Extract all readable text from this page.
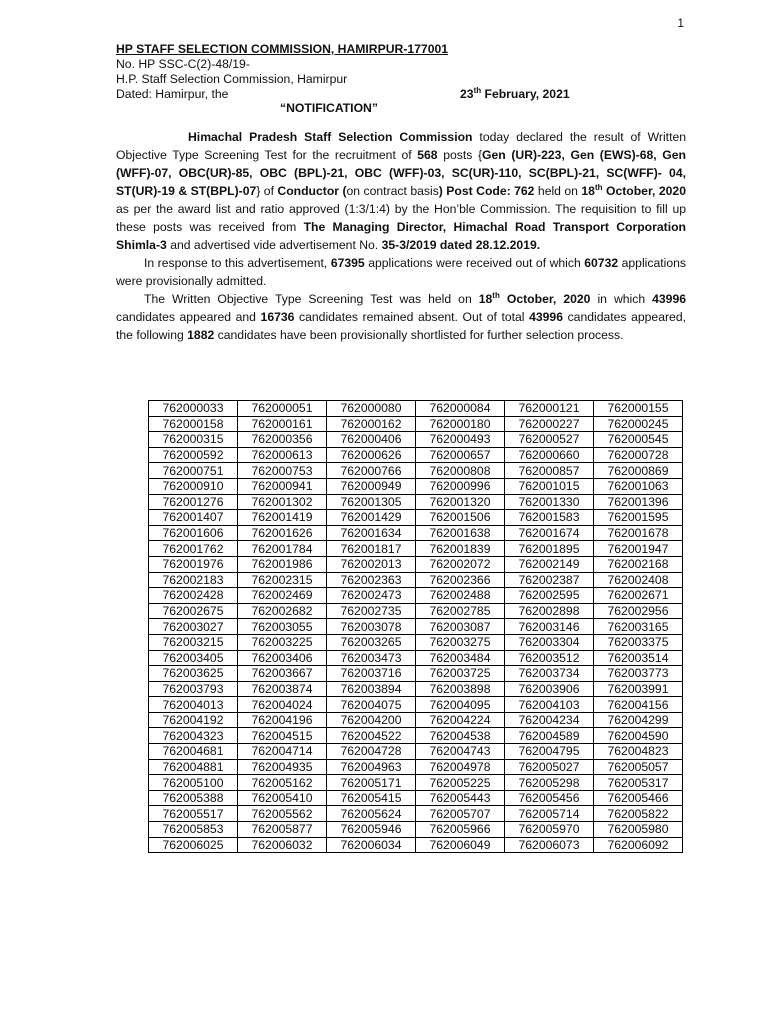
1
HP STAFF SELECTION COMMISSION, HAMIRPUR-177001
No. HP SSC-C(2)-48/19-
H.P. Staff Selection Commission, Hamirpur
Dated: Hamirpur, the	23th February, 2021
“NOTIFICATION”

Himachal Pradesh Staff Selection Commission today declared the result of Written Objective Type Screening Test for the recruitment of 568 posts {Gen (UR)-223, Gen (EWS)-68, Gen (WFF)-07, OBC(UR)-85, OBC (BPL)-21, OBC (WFF)-03, SC(UR)-110, SC(BPL)-21, SC(WFF)- 04, ST(UR)-19 & ST(BPL)-07} of Conductor (on contract basis) Post Code: 762 held on 18th October, 2020 as per the award list and ratio approved (1:3/1:4) by the Hon’ble Commission. The requisition to fill up these posts was received from The Managing Director, Himachal Road Transport Corporation Shimla-3 and advertised vide advertisement No. 35-3/2019 dated 28.12.2019.

In response to this advertisement, 67395 applications were received out of which 60732 applications were provisionally admitted.

The Written Objective Type Screening Test was held on 18th October, 2020 in which 43996 candidates appeared and 16736 candidates remained absent. Out of total 43996 candidates appeared, the following 1882 candidates have been provisionally shortlisted for further selection process.

762000033	762000051	762000080	762000084	762000121	762000155
762000158	762000161	762000162	762000180	762000227	762000245
762000315	762000356	762000406	762000493	762000527	762000545
762000592	762000613	762000626	762000657	762000660	762000728
762000751	762000753	762000766	762000808	762000857	762000869
762000910	762000941	762000949	762000996	762001015	762001063
762001276	762001302	762001305	762001320	762001330	762001396
762001407	762001419	762001429	762001506	762001583	762001595
762001606	762001626	762001634	762001638	762001674	762001678
762001762	762001784	762001817	762001839	762001895	762001947
762001976	762001986	762002013	762002072	762002149	762002168
762002183	762002315	762002363	762002366	762002387	762002408
762002428	762002469	762002473	762002488	762002595	762002671
762002675	762002682	762002735	762002785	762002898	762002956
762003027	762003055	762003078	762003087	762003146	762003165
762003215	762003225	762003265	762003275	762003304	762003375
762003405	762003406	762003473	762003484	762003512	762003514
762003625	762003667	762003716	762003725	762003734	762003773
762003793	762003874	762003894	762003898	762003906	762003991
762004013	762004024	762004075	762004095	762004103	762004156
762004192	762004196	762004200	762004224	762004234	762004299
762004323	762004515	762004522	762004538	762004589	762004590
762004681	762004714	762004728	762004743	762004795	762004823
762004881	762004935	762004963	762004978	762005027	762005057
762005100	762005162	762005171	762005225	762005298	762005317
762005388	762005410	762005415	762005443	762005456	762005466
762005517	762005562	762005624	762005707	762005714	762005822
762005853	762005877	762005946	762005966	762005970	762005980
762006025	762006032	762006034	762006049	762006073	762006092
